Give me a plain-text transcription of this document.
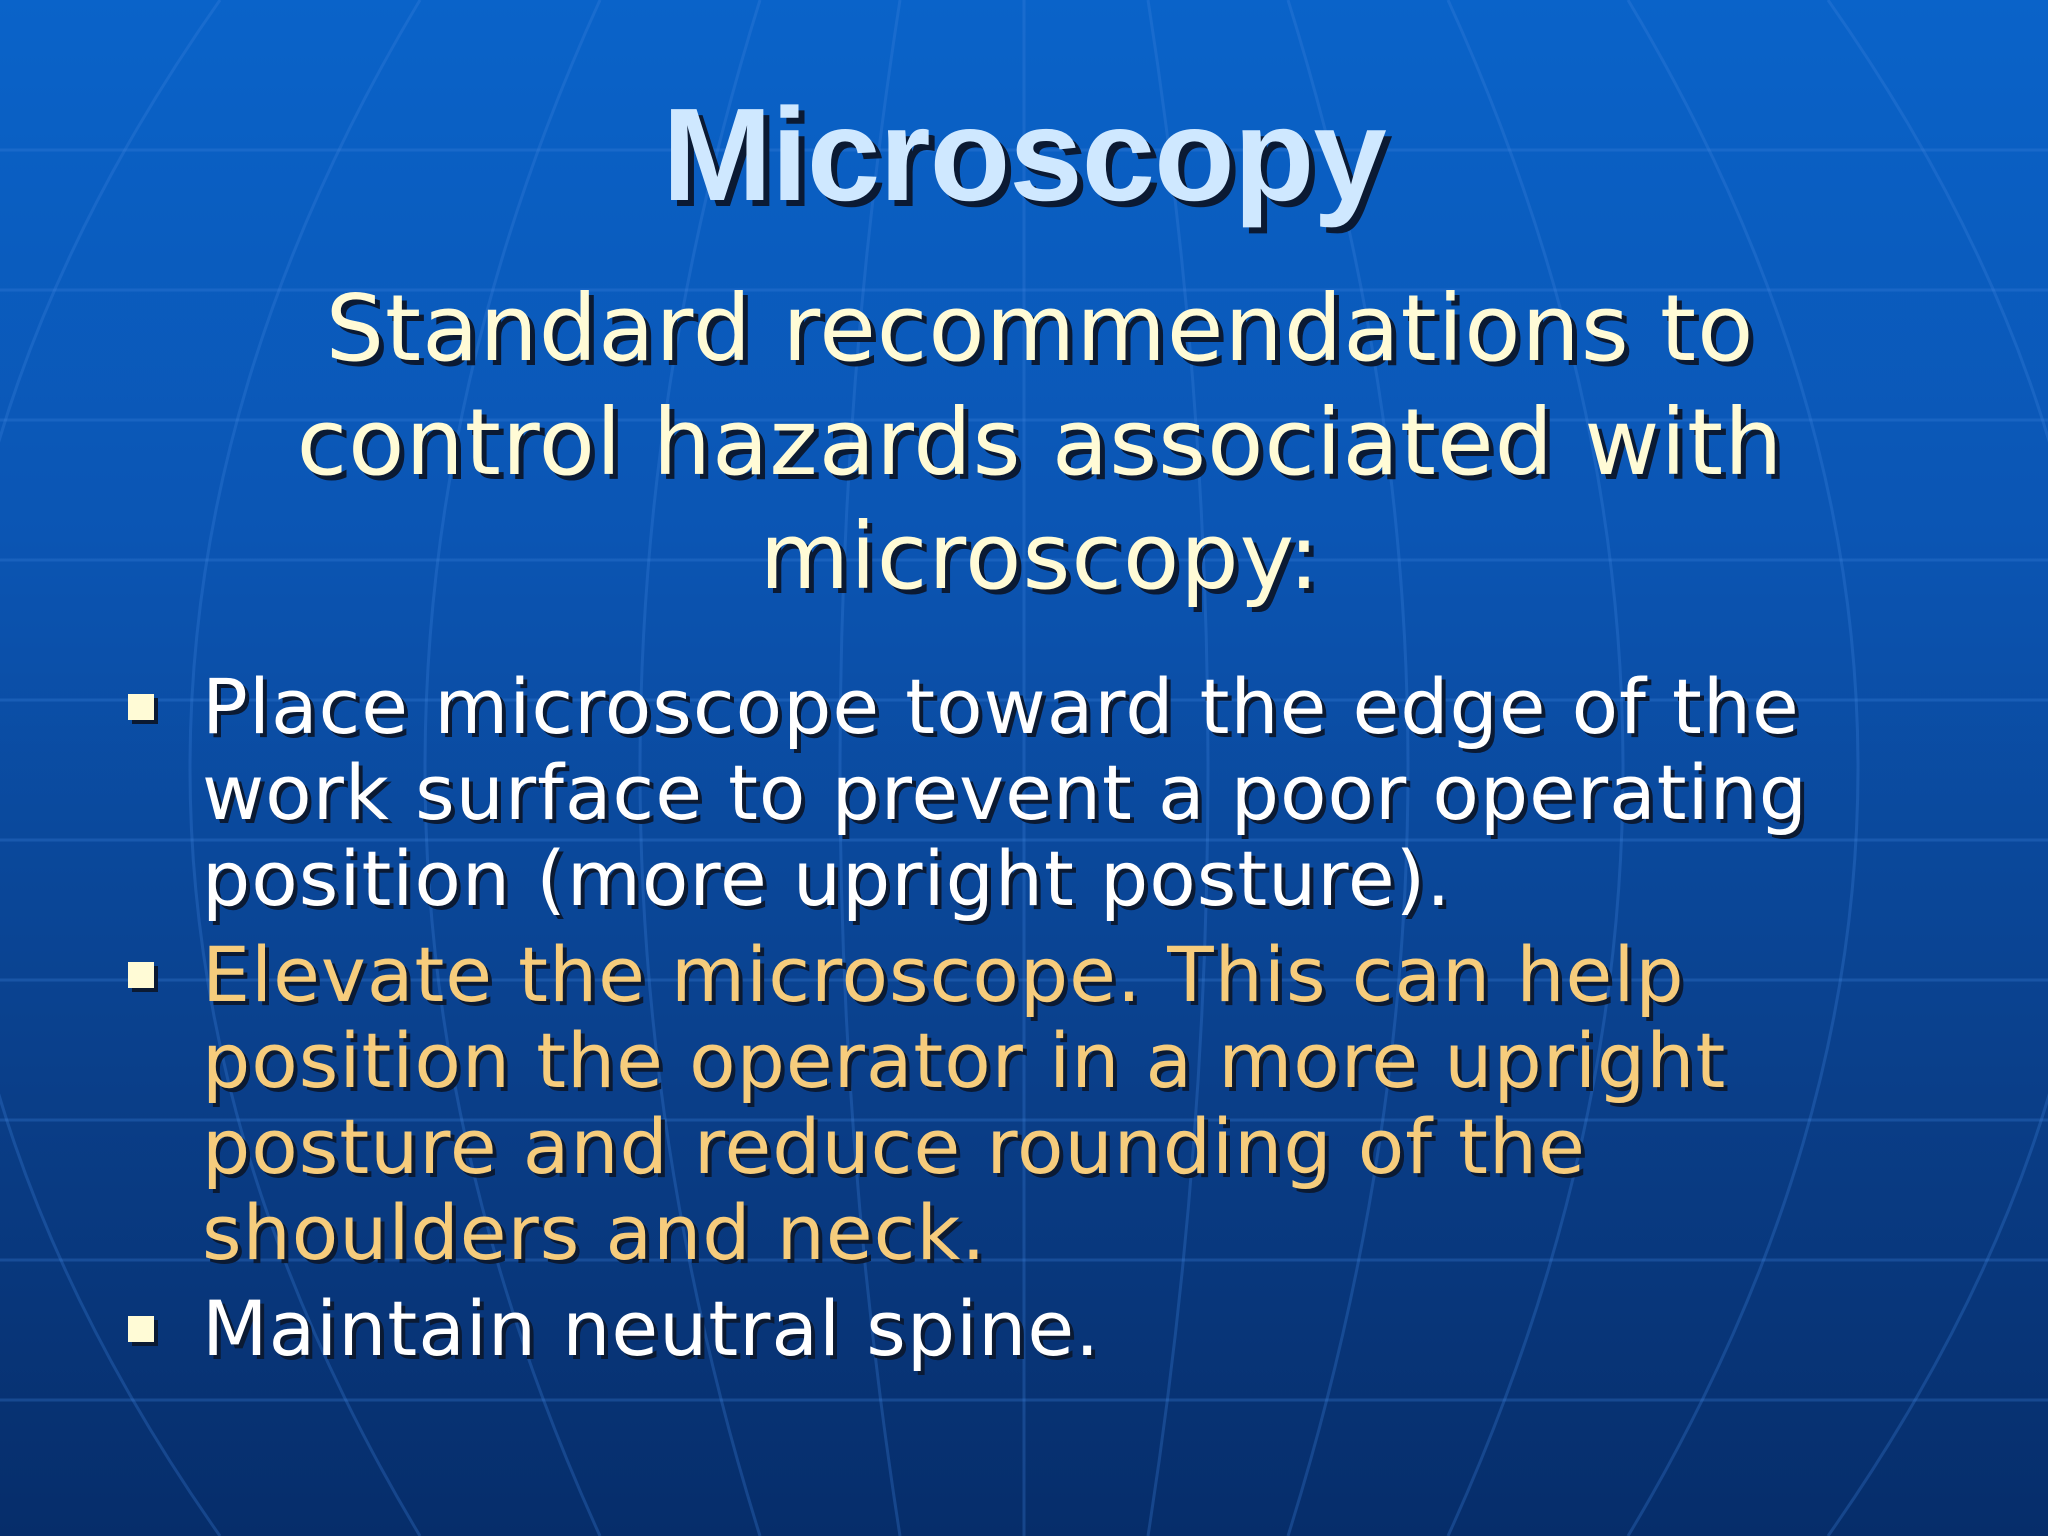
Microscopy
Standard recommendations to control hazards associated with microscopy:
Place microscope toward the edge of the work surface to prevent a poor operating position (more upright posture).
Elevate the microscope. This can help position the operator in a more upright posture and reduce rounding of the shoulders and neck.
Maintain neutral spine.
